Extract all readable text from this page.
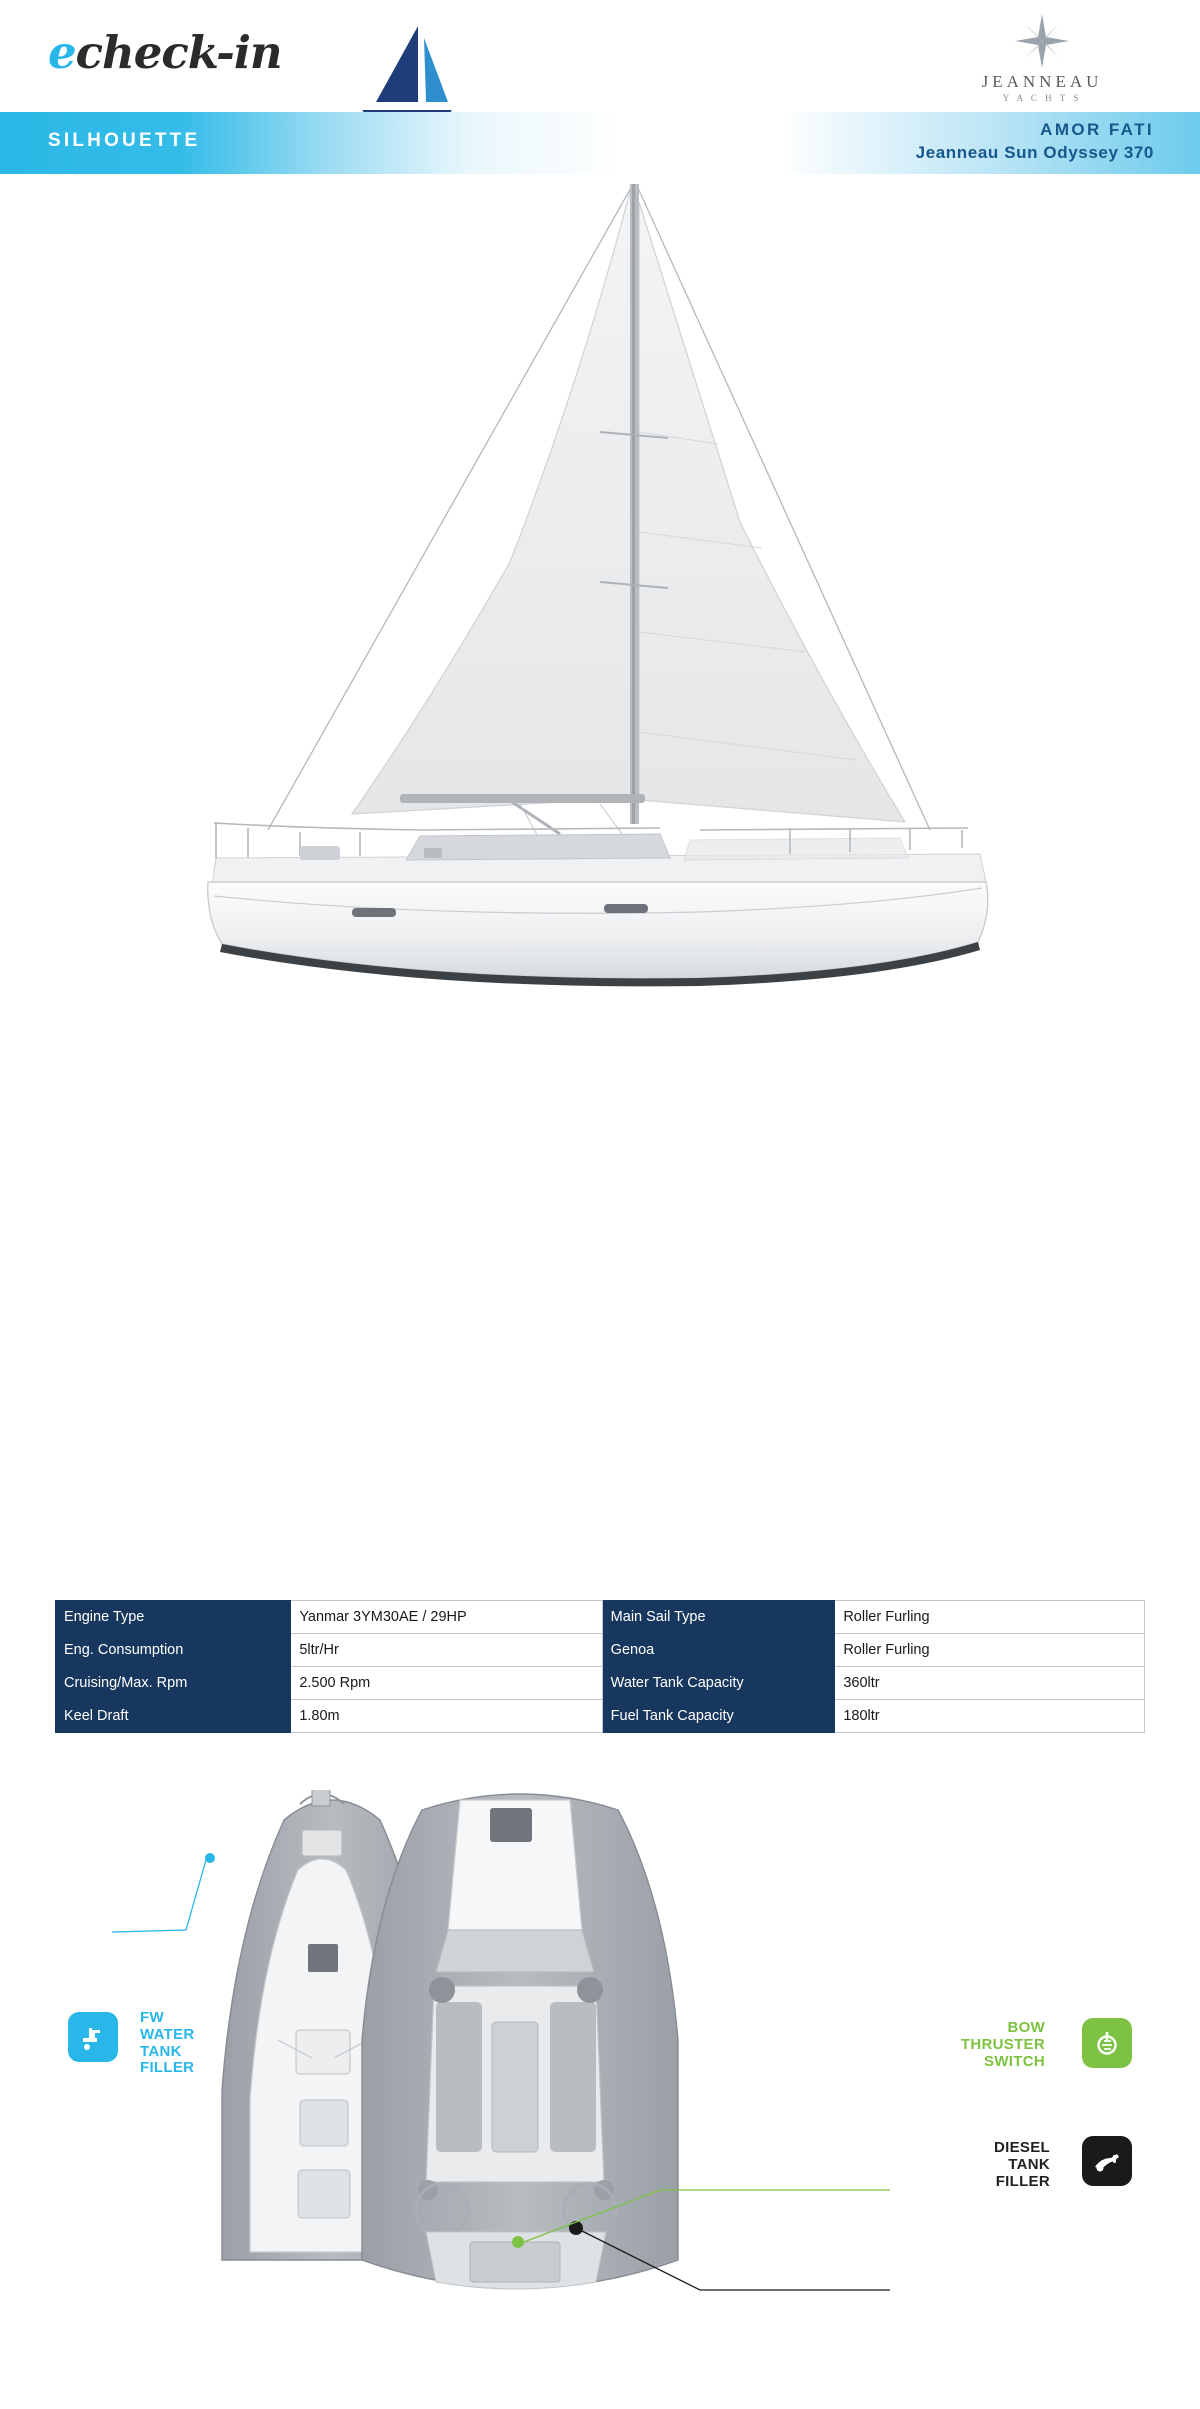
echeck-in
JEANNEAU
Y A C H T S
SILHOUETTE
AMOR FATI
Jeanneau Sun Odyssey 370
Engine Type	Yanmar 3YM30AE / 29HP	Main Sail Type	Roller Furling
Eng. Consumption	5ltr/Hr	Genoa	Roller Furling
Cruising/Max. Rpm	2.500 Rpm	Water Tank Capacity	360ltr
Keel Draft	1.80m	Fuel Tank Capacity	180ltr
FW
WATER
TANK
FILLER
BOW
THRUSTER
SWITCH
DIESEL
TANK
FILLER
